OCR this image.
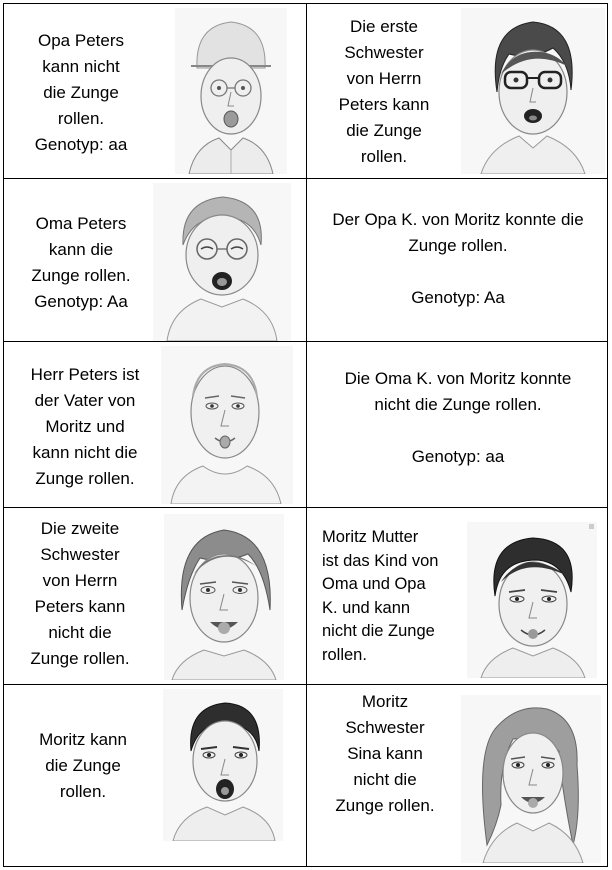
Opa Peters
kann nicht
die Zunge
rollen.
Genotyp: aa
Die erste
Schwester
von Herrn
Peters kann
die Zunge
rollen.
Oma Peters
kann die
Zunge rollen.
Genotyp: Aa
Der Opa K. von Moritz konnte die
Zunge rollen.

Genotyp: Aa
Herr Peters ist
der Vater von
Moritz und
kann nicht die
Zunge rollen.
Die Oma K. von Moritz konnte
nicht die Zunge rollen.

Genotyp: aa
Die zweite
Schwester
von Herrn
Peters kann
nicht die
Zunge rollen.
Moritz Mutter
ist das Kind von
Oma und Opa
K. und kann
nicht die Zunge
rollen.
Moritz kann
die Zunge
rollen.
Moritz
Schwester
Sina kann
nicht die
Zunge rollen.
